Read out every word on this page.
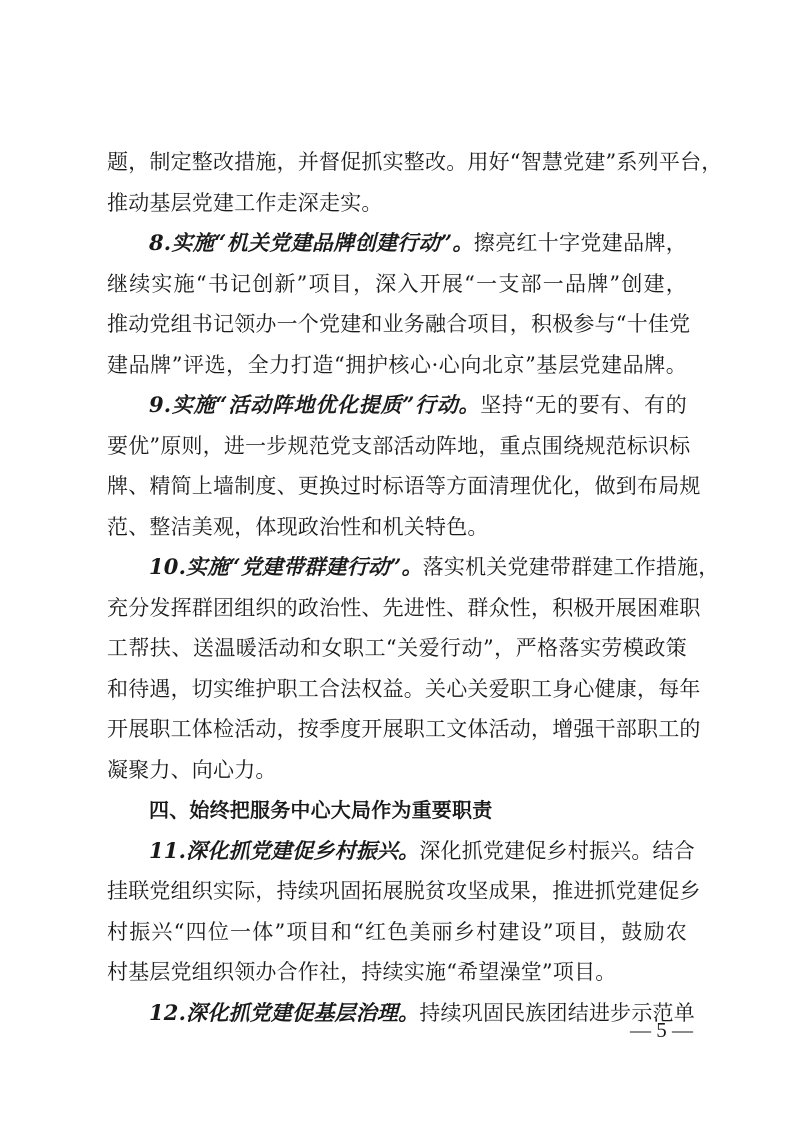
题，制定整改措施，并督促抓实整改。用好“智慧党建”系列平台，
推动基层党建工作走深走实。
8.实施“机关党建品牌创建行动”。擦亮红十字党建品牌，
继续实施“书记创新”项目，深入开展“一支部一品牌”创建，
推动党组书记领办一个党建和业务融合项目，积极参与“十佳党
建品牌”评选，全力打造“拥护核心·心向北京”基层党建品牌。
9.实施“活动阵地优化提质”行动。坚持“无的要有、有的
要优”原则，进一步规范党支部活动阵地，重点围绕规范标识标
牌、精简上墙制度、更换过时标语等方面清理优化，做到布局规
范、整洁美观，体现政治性和机关特色。
10.实施“党建带群建行动”。落实机关党建带群建工作措施，
充分发挥群团组织的政治性、先进性、群众性，积极开展困难职
工帮扶、送温暖活动和女职工“关爱行动”，严格落实劳模政策
和待遇，切实维护职工合法权益。关心关爱职工身心健康，每年
开展职工体检活动，按季度开展职工文体活动，增强干部职工的
凝聚力、向心力。
四、始终把服务中心大局作为重要职责
11.深化抓党建促乡村振兴。深化抓党建促乡村振兴。结合
挂联党组织实际，持续巩固拓展脱贫攻坚成果，推进抓党建促乡
村振兴“四位一体”项目和“红色美丽乡村建设”项目，鼓励农
村基层党组织领办合作社，持续实施“希望澡堂”项目。
12.深化抓党建促基层治理。持续巩固民族团结进步示范单
— 5 —
